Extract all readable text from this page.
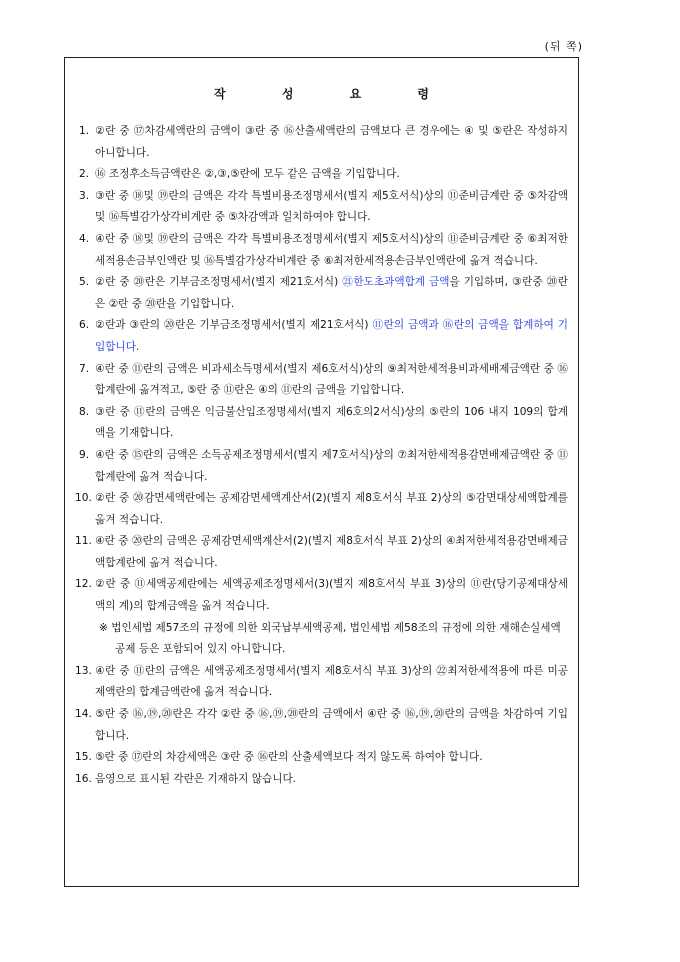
(뒤 쪽)
작 성 요 령
1. ②란 중 ⑰차감세액란의 금액이 ③란 중 ⑯산출세액란의 금액보다 큰 경우에는 ④ 및 ⑤란은 작성하지 아니합니다.
2. ⑯ 조정후소득금액란은 ②,③,⑤란에 모두 같은 금액을 기입합니다.
3. ③란 중 ⑱및 ⑲란의 금액은 각각 특별비용조정명세서(별지 제5호서식)상의 ⑪준비금계란 중 ⑤차감액 및 ⑯특별감가상각비계란 중 ⑤차감액과 일치하여야 합니다.
4. ④란 중 ⑱및 ⑲란의 금액은 각각 특별비용조정명세서(별지 제5호서식)상의 ⑪준비금계란 중 ⑥최저한세적용손금부인액란 및 ⑯특별감가상각비계란 중 ⑥최저한세적용손금부인액란에 옮겨 적습니다.
5. ②란 중 ⑳란은 기부금조정명세서(별지 제21호서식) ㉑한도초과액합계 금액을 기입하며, ③란중 ⑳란은 ②란 중 ⑳란을 기입합니다.
6. ②란과 ③란의 ⑳란은 기부금조정명세서(별지 제21호서식) ⑪란의 금액과 ⑯란의 금액을 합계하여 기입합니다.
7. ④란 중 ⑪란의 금액은 비과세소득명세서(별지 제6호서식)상의 ⑨최저한세적용비과세배제금액란 중 ⑯합계란에 옮겨적고, ⑤란 중 ⑪란은 ④의 ⑪란의 금액을 기입합니다.
8. ③란 중 ⑪란의 금액은 익금불산입조정명세서(별지 제6호의2서식)상의 ⑤란의 106 내지 109의 합계액을 기재합니다.
9. ④란 중 ⑮란의 금액은 소득공제조정명세서(별지 제7호서식)상의 ⑦최저한세적용감면배제금액란 중 ⑪합계란에 옮겨 적습니다.
10. ②란 중 ⑳감면세액란에는 공제감면세액계산서(2)(별지 제8호서식 부표 2)상의 ⑤감면대상세액합계를 옮겨 적습니다.
11. ④란 중 ⑳란의 금액은 공제감면세액계산서(2)(별지 제8호서식 부표 2)상의 ④최저한세적용감면배제금액합계란에 옮겨 적습니다.
12. ②란 중 ⑪세액공제란에는 세액공제조정명세서(3)(별지 제8호서식 부표 3)상의 ⑪란(당기공제대상세액의 계)의 합계금액을 옮겨 적습니다.
※ 법인세법 제57조의 규정에 의한 외국납부세액공제, 법인세법 제58조의 규정에 의한 재해손실세액공제 등은 포함되어 있지 아니합니다.
13. ④란 중 ⑪란의 금액은 세액공제조정명세서(별지 제8호서식 부표 3)상의 ㉒최저한세적용에 따른 미공제액란의 합계금액란에 옮겨 적습니다.
14. ⑤란 중 ⑯,⑲,⑳란은 각각 ②란 중 ⑯,⑲,⑳란의 금액에서 ④란 중 ⑯,⑲,⑳란의 금액을 차감하여 기입합니다.
15. ⑤란 중 ⑰란의 차감세액은 ③란 중 ⑯란의 산출세액보다 적지 않도록 하여야 합니다.
16. 음영으로 표시된 각란은 기재하지 않습니다.
